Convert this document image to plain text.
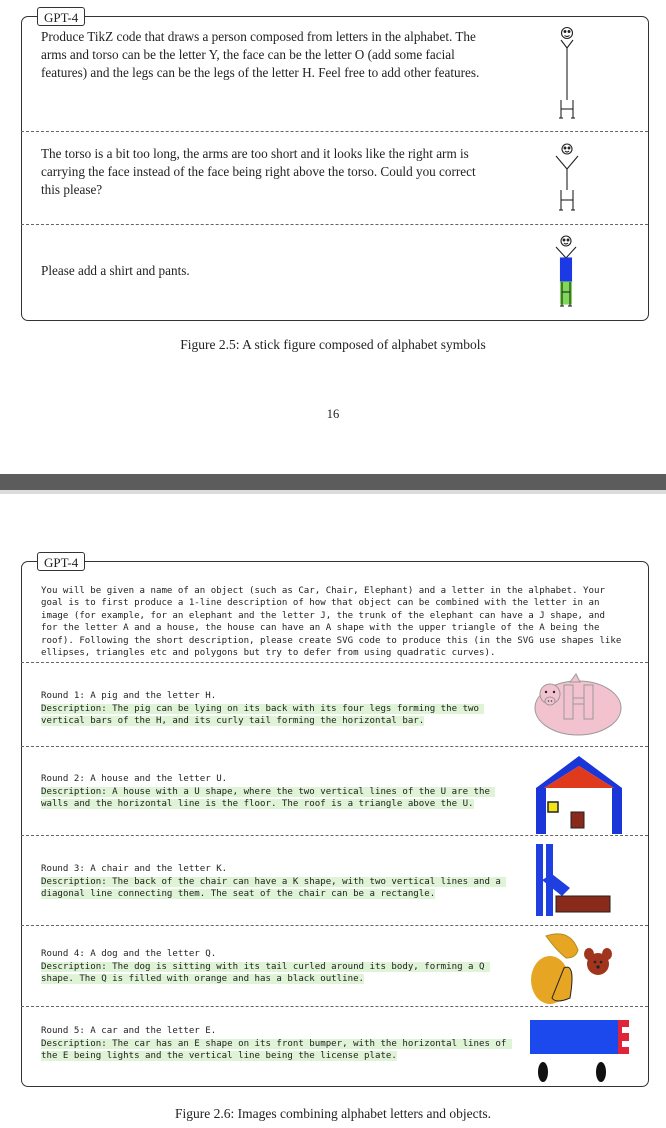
GPT-4
Produce TikZ code that draws a person composed from letters in the alphabet. The arms and torso can be the letter Y, the face can be the letter O (add some facial features) and the legs can be the legs of the letter H. Feel free to add other features.
The torso is a bit too long, the arms are too short and it looks like the right arm is carrying the face instead of the face being right above the torso. Could you correct this please?
Please add a shirt and pants.
Figure 2.5: A stick figure composed of alphabet symbols
16
GPT-4
You will be given a name of an object (such as Car, Chair, Elephant) and a letter in the alphabet. Your goal is to first produce a 1-line description of how that object can be combined with the letter in an image (for example, for an elephant and the letter J, the trunk of the elephant can have a J shape, and for the letter A and a house, the house can have an A shape with the upper triangle of the A being the roof). Following the short description, please create SVG code to produce this (in the SVG use shapes like ellipses, triangles etc and polygons but try to defer from using quadratic curves).
Round 1: A pig and the letter H.
Description: The pig can be lying on its back with its four legs forming the two vertical bars of the H, and its curly tail forming the horizontal bar.
Round 2: A house and the letter U.
Description: A house with a U shape, where the two vertical lines of the U are the walls and the horizontal line is the floor. The roof is a triangle above the U.
Round 3: A chair and the letter K.
Description: The back of the chair can have a K shape, with two vertical lines and a diagonal line connecting them. The seat of the chair can be a rectangle.
Round 4: A dog and the letter Q.
Description: The dog is sitting with its tail curled around its body, forming a Q shape. The Q is filled with orange and has a black outline.
Round 5: A car and the letter E.
Description: The car has an E shape on its front bumper, with the horizontal lines of the E being lights and the vertical line being the license plate.
Figure 2.6: Images combining alphabet letters and objects.
